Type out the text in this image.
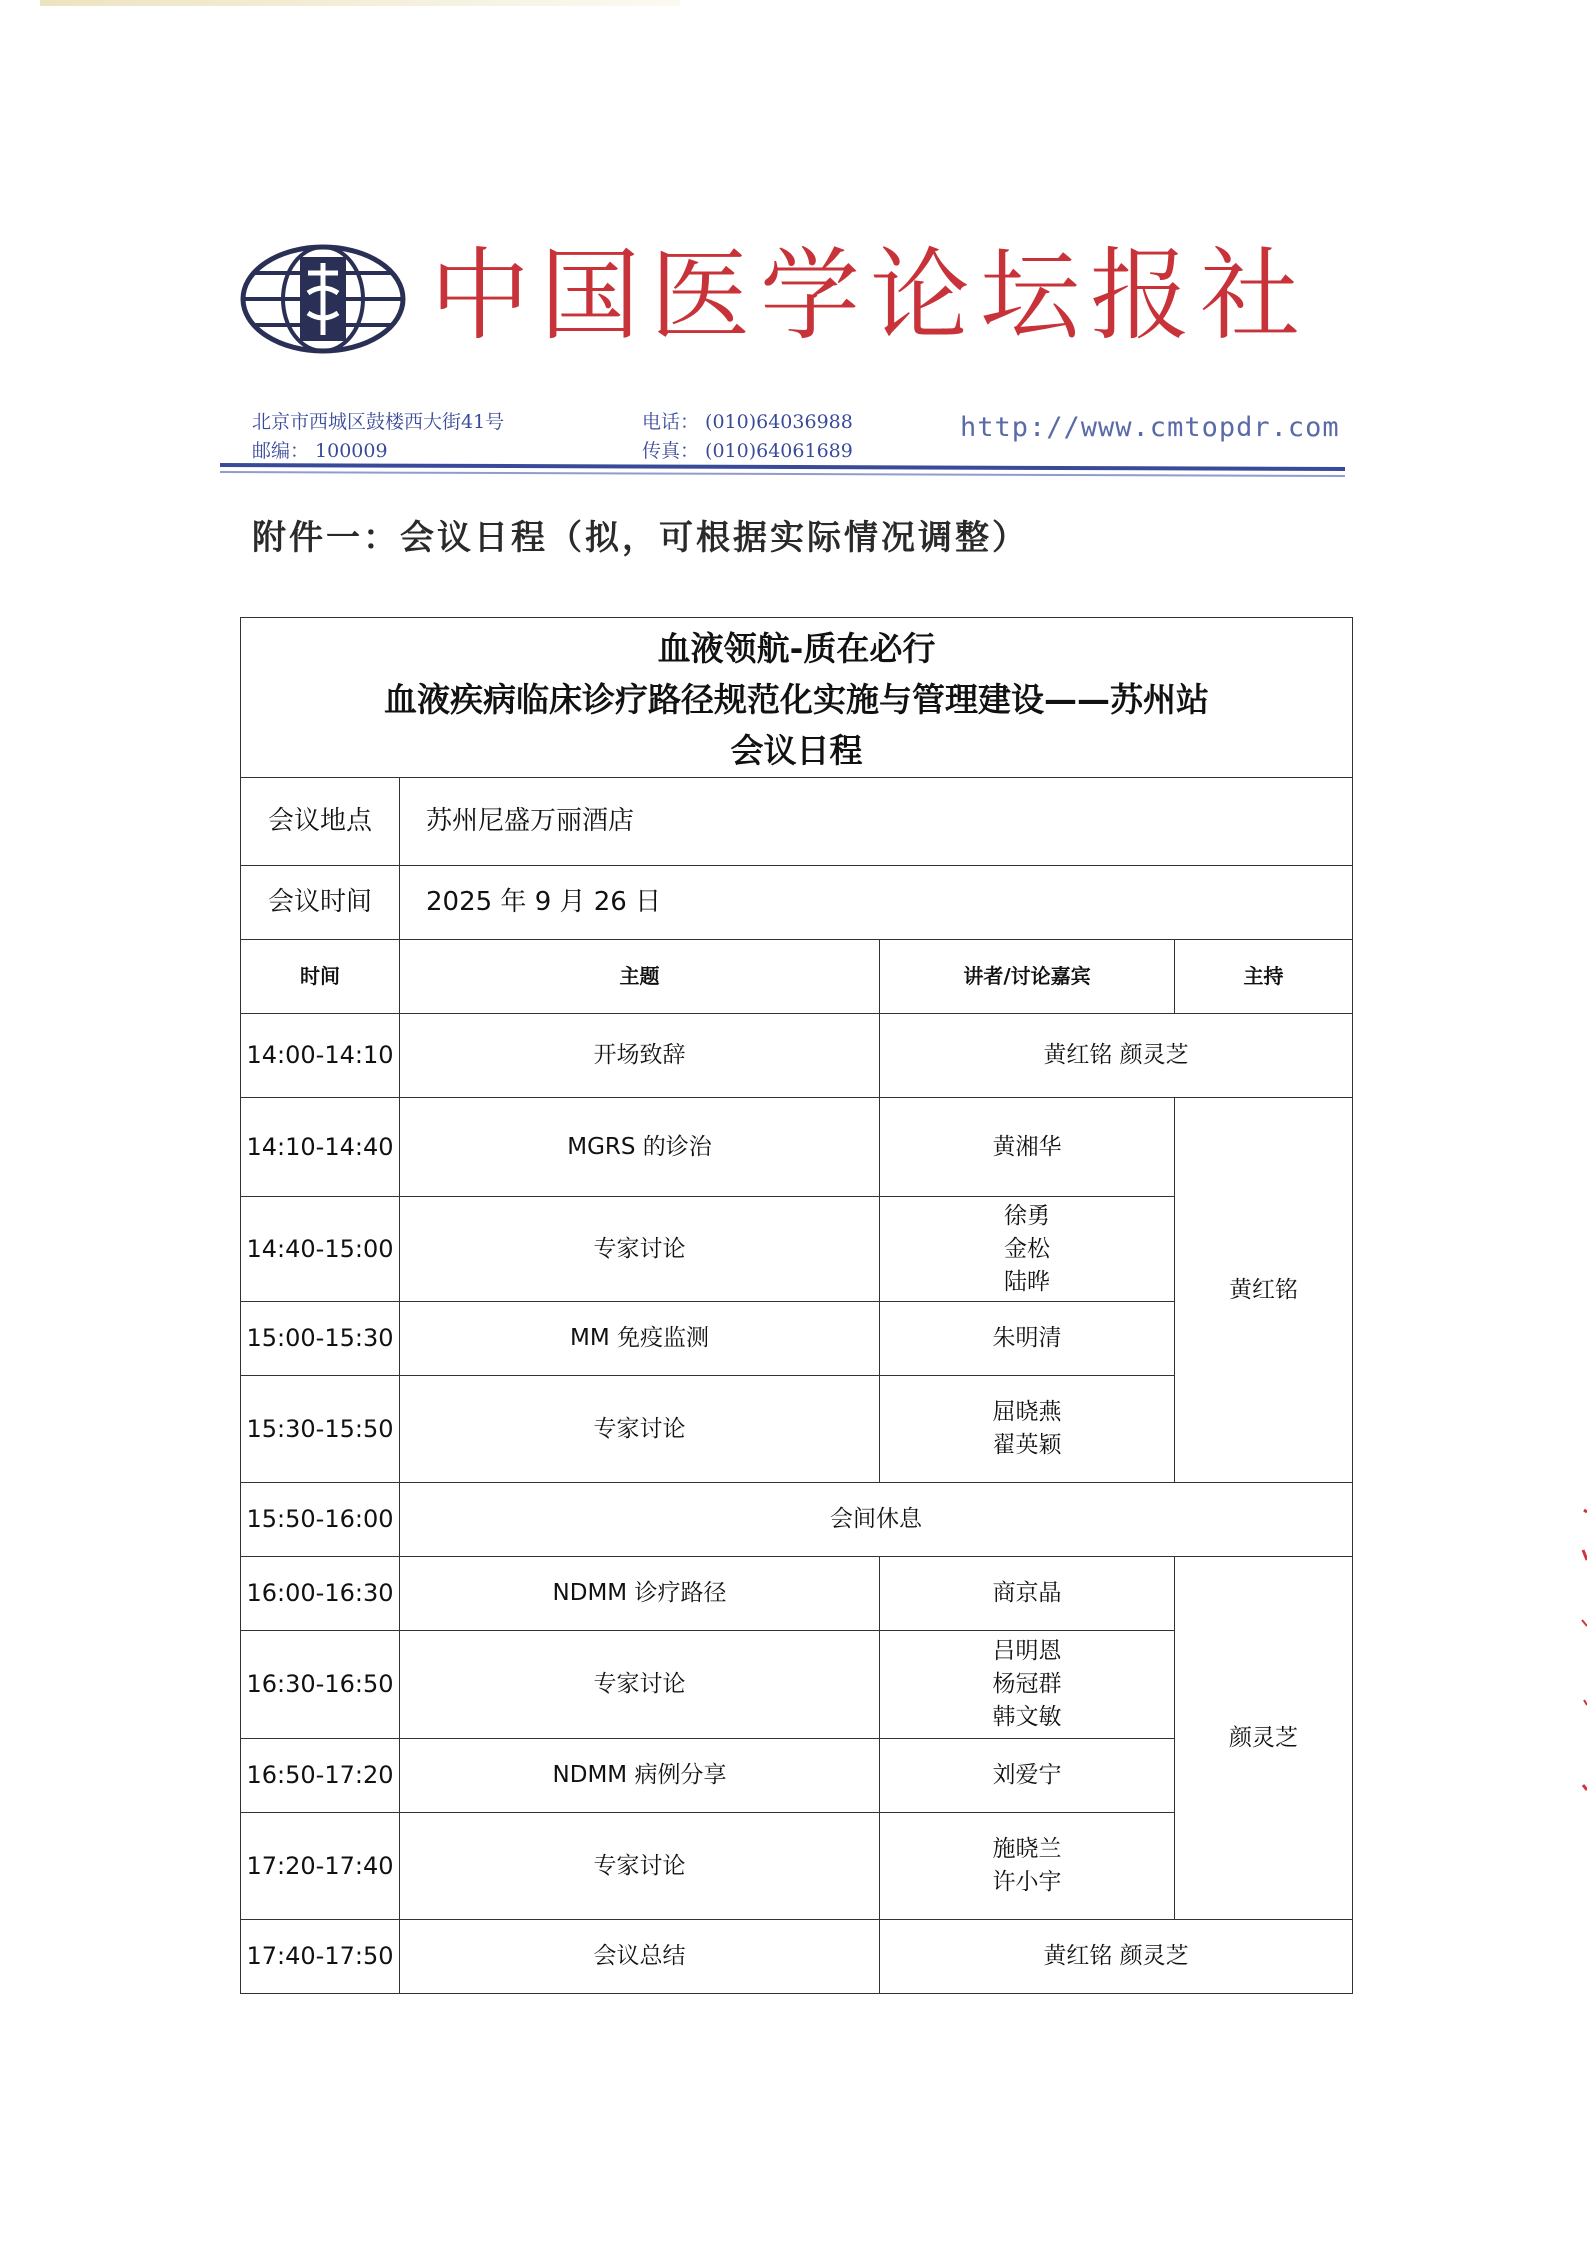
中 国 医 学 论 坛 报 社
北京市西城区鼓楼西大街41号
邮编： 100009
电话： (010)64036988
传真： (010)64061689
http://www.cmtopdr.com
附件一：会议日程（拟，可根据实际情况调整）
血液领航-质在必行
血液疾病临床诊疗路径规范化实施与管理建设——苏州站
会议日程			

会议地点	苏州尼盛万丽酒店		
会议时间	2025 年 9 月 26 日		
时间	主题	讲者/讨论嘉宾	主持
14:00-14:10	开场致辞	黄红铭 颜灵芝	
14:10-14:40	MGRS 的诊治	黄湘华	黄红铭
14:40-15:00	专家讨论	徐勇
金松
陆晔	

15:00-15:30	MM 免疫监测	朱明清	
15:30-15:50	专家讨论	屈晓燕
翟英颖	

15:50-16:00	会间休息		
16:00-16:30	NDMM 诊疗路径	商京晶	颜灵芝
16:30-16:50	专家讨论	吕明恩
杨冠群
韩文敏	

16:50-17:20	NDMM 病例分享	刘爱宁	
17:20-17:40	专家讨论	施晓兰
许小宇	

17:40-17:50	会议总结	黄红铭 颜灵芝	
